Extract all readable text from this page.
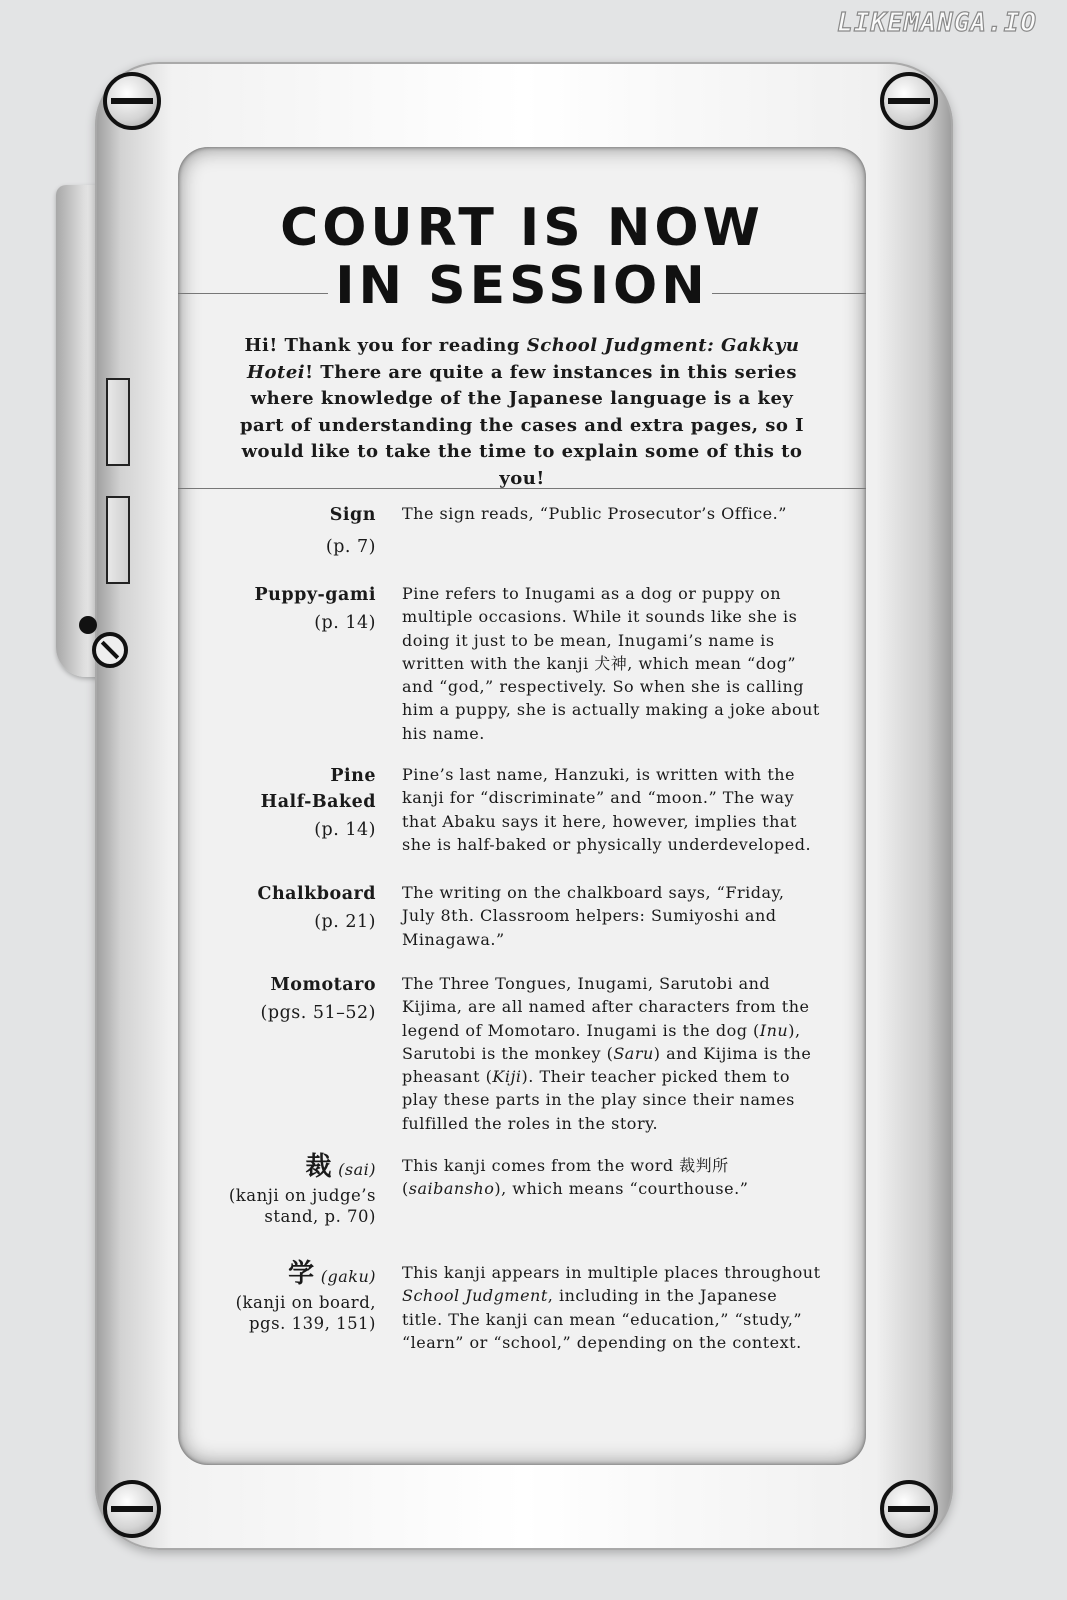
LIKEMANGA.IO
COURT IS NOW
IN SESSION
Hi! Thank you for reading School Judgment: Gakkyu Hotei! There are quite a few instances in this series where knowledge of the Japanese language is a key part of understanding the cases and extra pages, so I would like to take the time to explain some of this to you!
Sign
(p. 7)
The sign reads, “Public Prosecutor’s Office.”
Puppy-gami
(p. 14)
Pine refers to Inugami as a dog or puppy on multiple occasions. While it sounds like she is doing it just to be mean, Inugami’s name is written with the kanji 犬神, which mean “dog” and “god,” respectively. So when she is calling him a puppy, she is actually making a joke about his name.
Pine
Half-Baked
(p. 14)
Pine’s last name, Hanzuki, is written with the kanji for “discriminate” and “moon.” The way that Abaku says it here, however, implies that she is half-baked or physically underdeveloped.
Chalkboard
(p. 21)
The writing on the chalkboard says, “Friday, July 8th. Classroom helpers: Sumiyoshi and Minagawa.”
Momotaro
(pgs. 51–52)
The Three Tongues, Inugami, Sarutobi and Kijima, are all named after characters from the legend of Momotaro. Inugami is the dog (Inu), Sarutobi is the monkey (Saru) and Kijima is the pheasant (Kiji). Their teacher picked them to play these parts in the play since their names fulfilled the roles in the story.
裁 (sai)
(kanji on judge’s stand, p. 70)
This kanji comes from the word 裁判所 (saibansho), which means “courthouse.”
学 (gaku)
(kanji on board, pgs. 139, 151)
This kanji appears in multiple places throughout School Judgment, including in the Japanese title. The kanji can mean “education,” “study,” “learn” or “school,” depending on the context.
